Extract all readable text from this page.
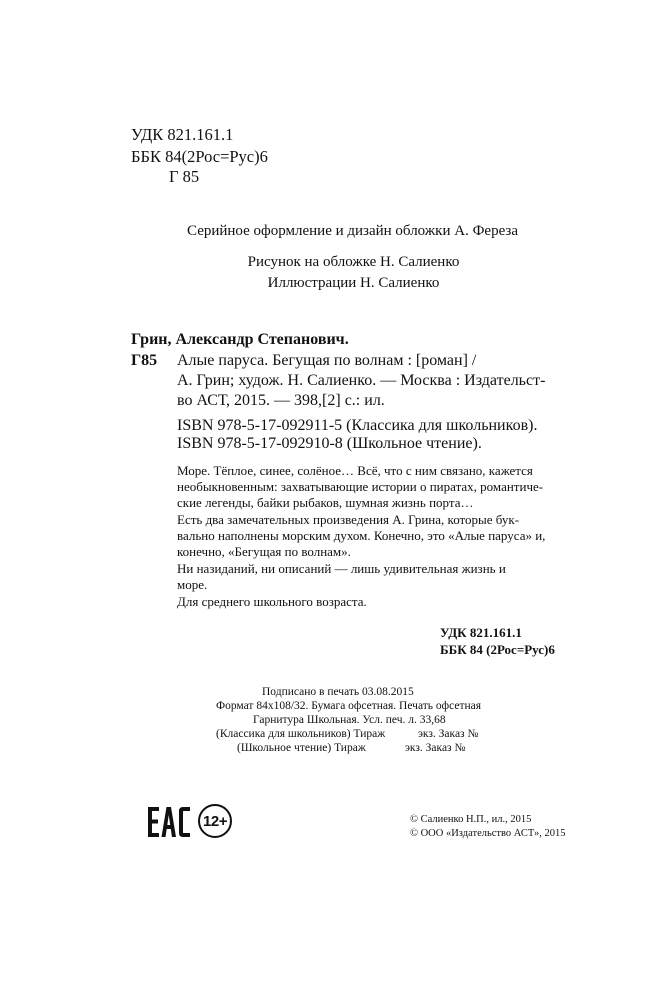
УДК 821.161.1
ББК 84(2Рос=Рус)6
Г 85
Серийное оформление и дизайн обложки А. Фереза
Рисунок на обложке Н. Салиенко
Иллюстрации Н. Салиенко
Грин, Александр Степанович.
Г85 Алые паруса. Бегущая по волнам : [роман] /
А. Грин; худож. Н. Салиенко. — Москва : Издательст-
во АСТ, 2015. — 398,[2] с.: ил.
ISBN 978-5-17-092911-5 (Классика для школьников).
ISBN 978-5-17-092910-8 (Школьное чтение).
Море. Тёплое, синее, солёное… Всё, что с ним связано, кажется
необыкновенным: захватывающие истории о пиратах, романтиче-
ские легенды, байки рыбаков, шумная жизнь порта…
Есть два замечательных произведения А. Грина, которые бук-
вально наполнены морским духом. Конечно, это «Алые паруса» и,
конечно, «Бегущая по волнам».
Ни назиданий, ни описаний — лишь удивительная жизнь и
море.
Для среднего школьного возраста.
УДК 821.161.1
ББК 84 (2Рос=Рус)6
Подписано в печать 03.08.2015
Формат 84х108/32. Бумага офсетная. Печать офсетная
Гарнитура Школьная. Усл. печ. л. 33,68
(Классика для школьников) Тираж	экз. Заказ №
(Школьное чтение) Тираж	экз. Заказ №
12+	© Салиенко Н.П., ил., 2015
© ООО «Издательство АСТ», 2015
